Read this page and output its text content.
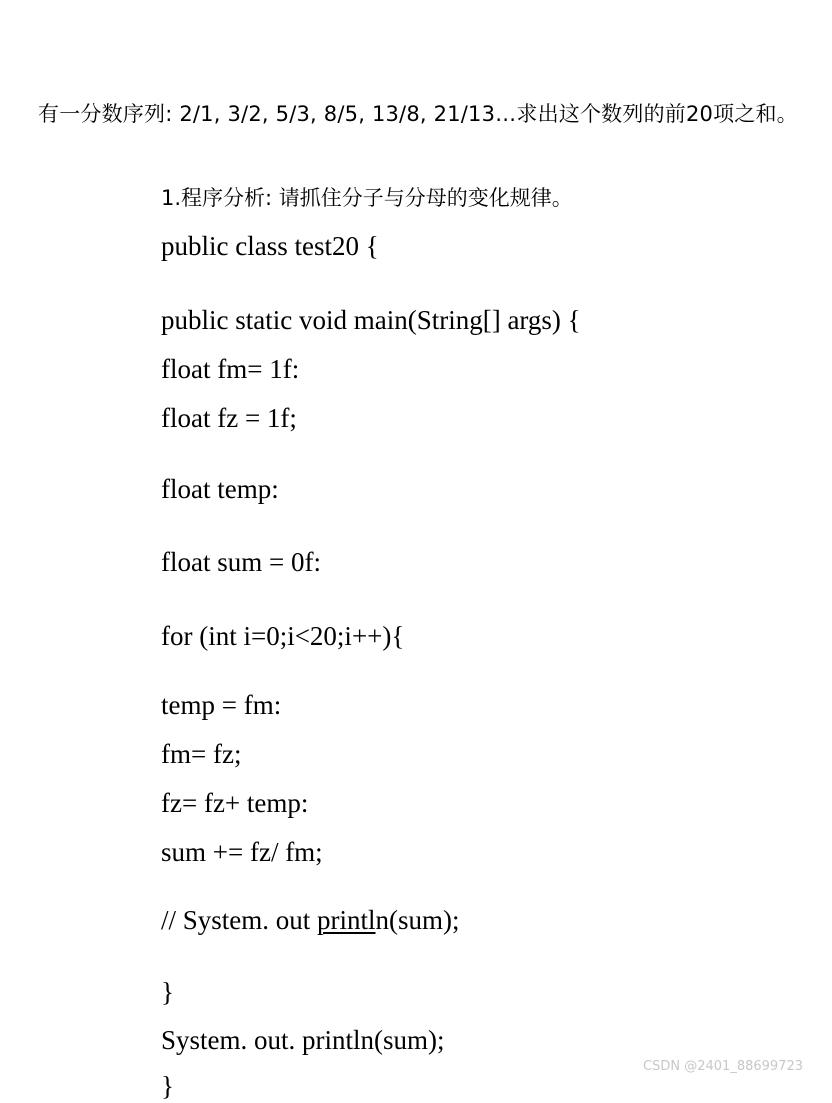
有一分数序列: 2/1, 3/2, 5/3, 8/5, 13/8, 21/13…求出这个数列的前20项之和。
1.程序分析: 请抓住分子与分母的变化规律。
public class test20 {
public static void main(String[] args) {
float fm= 1f:
float fz = 1f;
float temp:
float sum = 0f:
for (int i=0;i<20;i++){
temp = fm:
fm= fz;
fz= fz+ temp:
sum += fz/ fm;
// System. out println(sum);
}
System. out. println(sum);
}
CSDN @2401_88699723
